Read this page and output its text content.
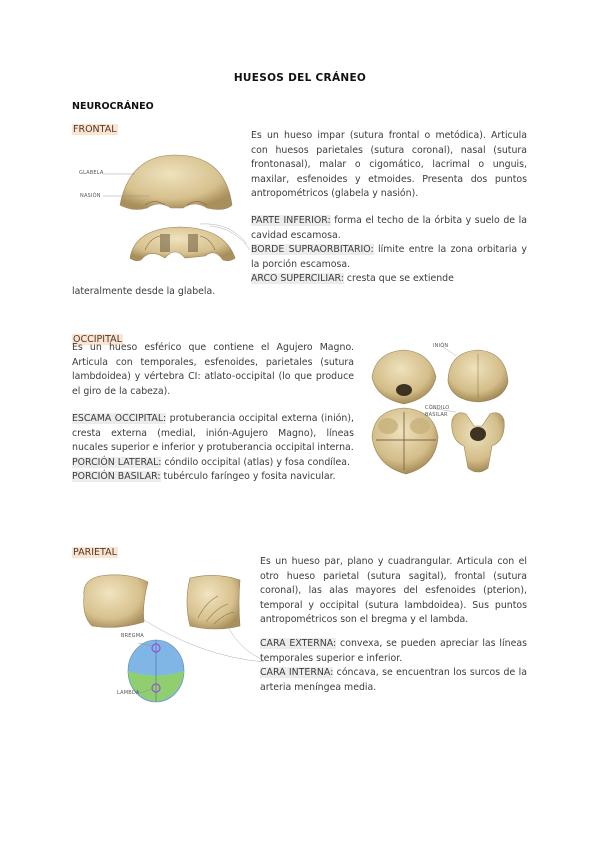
HUESOS DEL CRÁNEO
NEUROCRÁNEO
FRONTAL
GLABELA
NASIÓN
Es un hueso impar (sutura frontal o metódica). Articula con huesos parietales (sutura coronal), nasal (sutura frontonasal), malar o cigomático, lacrimal o unguis, maxilar, esfenoides y etmoides. Presenta dos puntos antropométricos (glabela y nasión).
PARTE INFERIOR: forma el techo de la órbita y suelo de la cavidad escamosa.
BORDE SUPRAORBITARIO: límite entre la zona orbitaria y la porción escamosa.
ARCO SUPERCILIAR: cresta que se extiende
lateralmente desde la glabela.
OCCIPITAL
Es un hueso esférico que contiene el Agujero Magno. Articula con temporales, esfenoides, parietales (sutura lambdoidea) y vértebra CI: atlato-occipital (lo que produce el giro de la cabeza).
ESCAMA OCCIPITAL: protuberancia occipital externa (inión), cresta externa (medial, inión-Agujero Magno), líneas nucales superior e inferior y protuberancia occipital interna.
PORCIÓN LATERAL: cóndilo occipital (atlas) y fosa condílea.
PORCIÓN BASILAR: tubérculo faríngeo y fosita navicular.
INIÓN
CÓNDILO
BASILAR
PARIETAL
BREGMA
LAMBDA
Es un hueso par, plano y cuadrangular. Articula con el otro hueso parietal (sutura sagital), frontal (sutura coronal), las alas mayores del esfenoides (pterion), temporal y occipital (sutura lambdoidea). Sus puntos antropométricos son el bregma y el lambda.
CARA EXTERNA: convexa, se pueden apreciar las líneas temporales superior e inferior.
CARA INTERNA: cóncava, se encuentran los surcos de la arteria meníngea media.
